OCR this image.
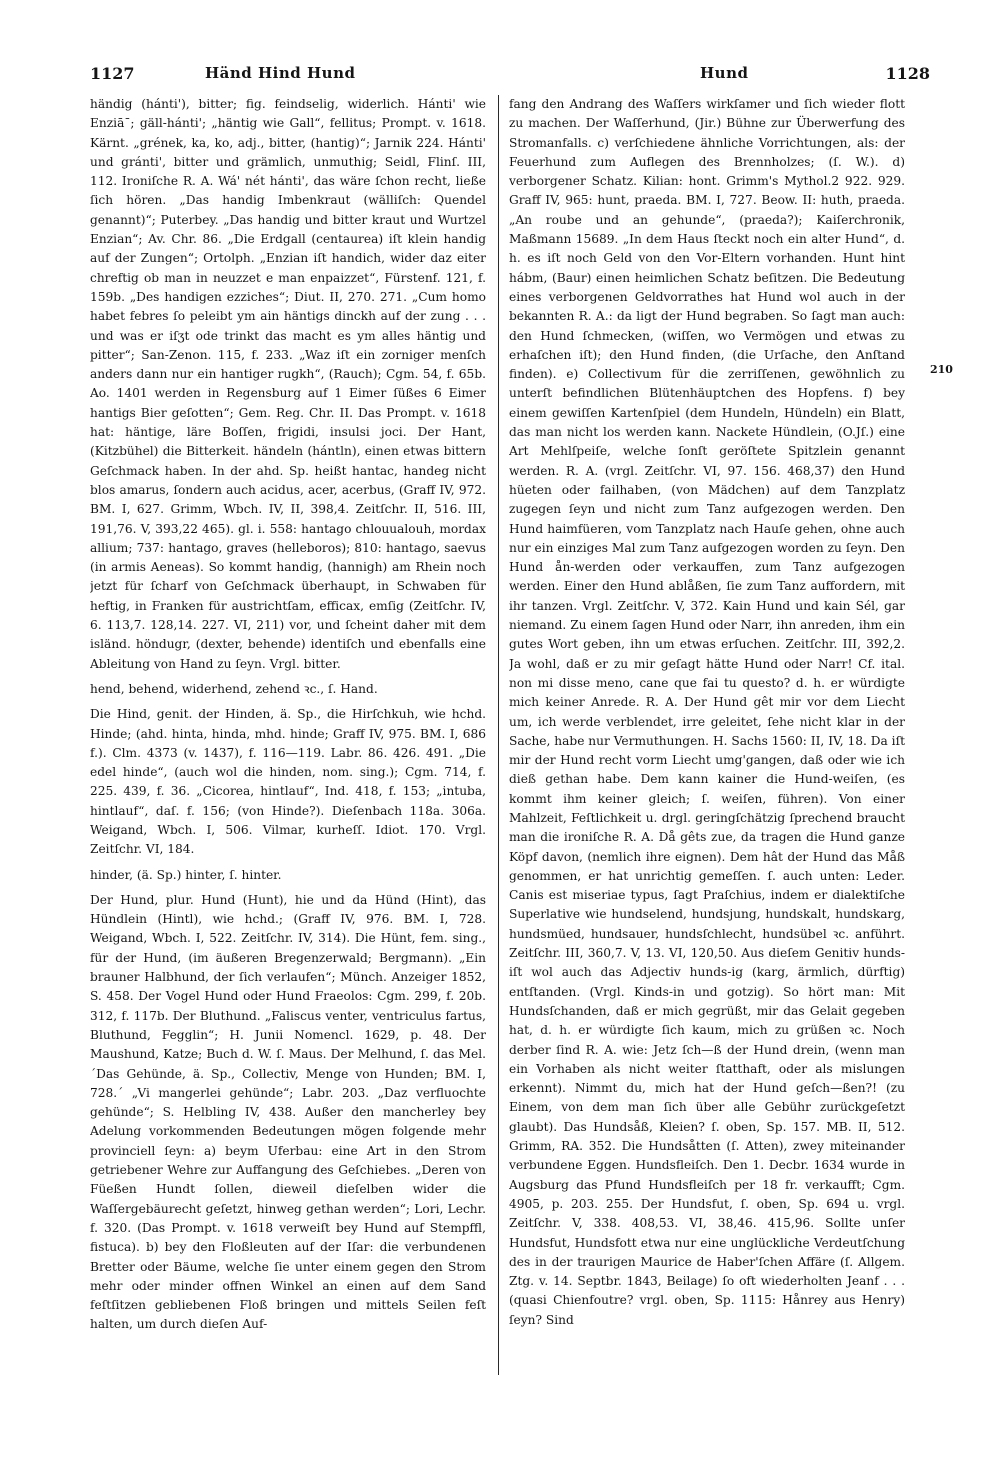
1127	Händ Hind Hund	Hund	1128

händig (hánti'), bitter; fig. feindselig, widerlich. Hánti' wie Enziā¯; gäll-hánti'; „häntig wie Gall“, fellitus; Prompt. v. 1618. Kärnt. „grének, ka, ko, adj., bitter, (hantig)“; Jarnik 224. Hánti' und gránti', bitter und grämlich, unmuthig; Seidl, Flinſ. III, 112. Ironiſche R. A. Wá' nét hánti', das wäre ſchon recht, ließe ſich hören. „Das handig Imbenkraut (wälliſch: Quendel genannt)“; Puterbey. „Das handig und bitter kraut und Wurtzel Enzian“; Av. Chr. 86. „Die Erdgall (centaurea) iſt klein handig auf der Zungen“; Ortolph. „Enzian iſt handich, wider daz eiter chreftig ob man in neuzzet e man enpaizzet“, Fürstenf. 121, f. 159b. „Des handigen ezziches“; Diut. II, 270. 271. „Cum homo habet febres ſo peleibt ym ain häntigs dinckh auf der zung . . . und was er iſʒt ode trinkt das macht es ym alles häntig und pitter“; San-Zenon. 115, f. 233. „Waz iſt ein zorniger menſch anders dann nur ein hantiger rugkh“, (Rauch); Cgm. 54, f. 65b. Ao. 1401 werden in Regensburg auf 1 Eimer ſüßes 6 Eimer hantigs Bier geſotten“; Gem. Reg. Chr. II. Das Prompt. v. 1618 hat: häntige, läre Boſſen, frigidi, insulsi joci. Der Hant, (Kitzbühel) die Bitterkeit. händeln (hántln), einen etwas bittern Geſchmack haben. In der ahd. Sp. heißt hantac, handeg nicht blos amarus, ſondern auch acidus, acer, acerbus, (Graff IV, 972. BM. I, 627. Grimm, Wbch. IV, II, 398,4. Zeitſchr. II, 516. III, 191,76. V, 393,22 465). gl. i. 558: hantago chlouualouh, mordax allium; 737: hantago, graves (helleboros); 810: hantago, saevus (in armis Aeneas). So kommt handig, (hannigh) am Rhein noch jetzt für ſcharf von Geſchmack überhaupt, in Schwaben für heftig, in Franken für austrichtſam, efficax, emſig (Zeitſchr. IV, 6. 113,7. 128,14. 227. VI, 211) vor, und ſcheint daher mit dem isländ. höndugr, (dexter, behende) identiſch und ebenfalls eine Ableitung von Hand zu ſeyn. Vrgl. bitter.

hend, behend, widerhend, zehend ꝛc., ſ. Hand.

Die Hind, genit. der Hinden, ä. Sp., die Hirſchkuh, wie hchd. Hinde; (ahd. hinta, hinda, mhd. hinde; Graff IV, 975. BM. I, 686 f.). Clm. 4373 (v. 1437), f. 116—119. Labr. 86. 426. 491. „Die edel hinde“, (auch wol die hinden, nom. sing.); Cgm. 714, f. 225. 439, f. 36. „Cicorea, hintlauf“, Ind. 418, f. 153; „intuba, hintlauf“, daſ. f. 156; (von Hinde?). Dieſenbach 118a. 306a. Weigand, Wbch. I, 506. Vilmar, kurheſſ. Idiot. 170. Vrgl. Zeitſchr. VI, 184.

hinder, (ä. Sp.) hinter, ſ. hinter.

Der Hund, plur. Hund (Hunt), hie und da Hünd (Hint), das Hündlein (Hintl), wie hchd.; (Graff IV, 976. BM. I, 728. Weigand, Wbch. I, 522. Zeitſchr. IV, 314). Die Hünt, fem. sing., für der Hund, (im äußeren Bregenzerwald; Bergmann). „Ein brauner Halbhund, der ſich verlaufen“; Münch. Anzeiger 1852, S. 458. Der Vogel Hund oder Hund Fraeolos: Cgm. 299, f. 20b. 312, f. 117b. Der Bluthund. „Faliscus venter, ventriculus fartus, Bluthund, Fegglin“; H. Junii Nomencl. 1629, p. 48. Der Maushund, Katze; Buch d. W. ſ. Maus. Der Melhund, ſ. das Mel. ´Das Gehünde, ä. Sp., Collectiv, Menge von Hunden; BM. I, 728.´ „Vi mangerlei gehünde“; Labr. 203. „Daz verfluochte gehünde“; S. Helbling IV, 438. Außer den mancherley bey Adelung vorkommenden Bedeutungen mögen folgende mehr provinciell ſeyn: a) beym Uferbau: eine Art in den Strom getriebener Wehre zur Auffangung des Geſchiebes. „Deren von Füeßen Hundt ſollen, dieweil dieſelben wider die Waſſergebäurecht geſetzt, hinweg gethan werden“; Lori, Lechr. f. 320. (Das Prompt. v. 1618 verweiſt bey Hund auf Stempffl, fistuca). b) bey den Floßleuten auf der Iſar: die verbundenen Bretter oder Bäume, welche ſie unter einem gegen den Strom mehr oder minder offnen Winkel an einen auf dem Sand feſtſitzen gebliebenen Floß bringen und mittels Seilen feſt halten, um durch dieſen Auf-

fang den Andrang des Waſſers wirkſamer und ſich wieder flott zu machen. Der Waſſerhund, (Jir.) Bühne zur Überwerfung des Stromanfalls. c) verſchiedene ähnliche Vorrichtungen, als: der Feuerhund zum Auflegen des Brennholzes; (ſ. W.). d) verborgener Schatz. Kilian: hont. Grimm's Mythol.2 922. 929. Graff IV, 965: hunt, praeda. BM. I, 727. Beow. II: huth, praeda. „An roube und an gehunde“, (praeda?); Kaiſerchronik, Maßmann 15689. „In dem Haus ſteckt noch ein alter Hund“, d. h. es iſt noch Geld von den Vor-Eltern vorhanden. Hunt hint hábm, (Baur) einen heimlichen Schatz beſitzen. Die Bedeutung eines verborgenen Geldvorrathes hat Hund wol auch in der bekannten R. A.: da ligt der Hund begraben. So ſagt man auch: den Hund ſchmecken, (wiſſen, wo Vermögen und etwas zu erhaſchen iſt); den Hund finden, (die Urſache, den Anſtand finden). e) Collectivum für die zerriſſenen, gewöhnlich zu unterſt befindlichen Blütenhäuptchen des Hopfens. f) bey einem gewiſſen Kartenſpiel (dem Hundeln, Hündeln) ein Blatt, das man nicht los werden kann. Nackete Hündlein, (O.Jſ.) eine Art Mehlſpeiſe, welche ſonſt geröſtete Spitzlein genannt werden. R. A. (vrgl. Zeitſchr. VI, 97. 156. 468,37) den Hund hüeten oder failhaben, (von Mädchen) auf dem Tanzplatz zugegen ſeyn und nicht zum Tanz aufgezogen werden. Den Hund haimfüeren, vom Tanzplatz nach Hauſe gehen, ohne auch nur ein einziges Mal zum Tanz aufgezogen worden zu ſeyn. Den Hund ån-werden oder verkauffen, zum Tanz aufgezogen werden. Einer den Hund ablåßen, ſie zum Tanz auffordern, mit ihr tanzen. Vrgl. Zeitſchr. V, 372. Kain Hund und kain Sél, gar niemand. Zu einem ſagen Hund oder Narr, ihn anreden, ihm ein gutes Wort geben, ihn um etwas erſuchen. Zeitſchr. III, 392,2. Ja wohl, daß er zu mir geſagt hätte Hund oder Narr! Cf. ital. non mi disse meno, cane que fai tu questo? d. h. er würdigte mich keiner Anrede. R. A. Der Hund gêt mir vor dem Liecht um, ich werde verblendet, irre geleitet, ſehe nicht klar in der Sache, habe nur Vermuthungen. H. Sachs 1560: II, IV, 18. Da iſt mir der Hund recht vorm Liecht umg'gangen, daß oder wie ich dieß gethan habe. Dem kann kainer die Hund-weiſen, (es kommt ihm keiner gleich; ſ. weiſen, führen). Von einer Mahlzeit, Feſtlichkeit u. drgl. geringſchätzig ſprechend braucht man die ironiſche R. A. Då gêts zue, da tragen die Hund ganze Köpf davon, (nemlich ihre eignen). Dem hât der Hund das Måß genommen, er hat unrichtig gemeſſen. ſ. auch unten: Leder. Canis est miseriae typus, ſagt Praſchius, indem er dialektiſche Superlative wie hundselend, hundsjung, hundskalt, hundskarg, hundsmüed, hundsauer, hundsſchlecht, hundsübel ꝛc. anführt. Zeitſchr. III, 360,7. V, 13. VI, 120,50. Aus dieſem Genitiv hunds- iſt wol auch das Adjectiv hunds-ig (karg, ärmlich, dürftig) entſtanden. (Vrgl. Kinds-in und gotzig). So hört man: Mit Hundsſchanden, daß er mich gegrüßt, mir das Gelait gegeben hat, d. h. er würdigte ſich kaum, mich zu grüßen ꝛc. Noch derber ſind R. A. wie: Jetz ſch—ß der Hund drein, (wenn man ein Vorhaben als nicht weiter ſtatthaft, oder als mislungen erkennt). Nimmt du, mich hat der Hund geſch—ßen?! (zu Einem, von dem man ſich über alle Gebühr zurückgeſetzt glaubt). Das Hundsåß, Kleien? ſ. oben, Sp. 157. MB. II, 512. Grimm, RA. 352. Die Hundsåtten (ſ. Atten), zwey miteinander verbundene Eggen. Hundsfleiſch. Den 1. Decbr. 1634 wurde in Augsburg das Pfund Hundsfleiſch per 18 fr. verkaufft; Cgm. 4905, p. 203. 255. Der Hundsfut, ſ. oben, Sp. 694 u. vrgl. Zeitſchr. V, 338. 408,53. VI, 38,46. 415,96. Sollte unſer Hundsfut, Hundsfott etwa nur eine unglückliche Verdeutſchung des in der traurigen Maurice de Haber'ſchen Affäre (ſ. Allgem. Ztg. v. 14. Septbr. 1843, Beilage) ſo oft wiederholten Jeanf . . . (quasi Chienfoutre? vrgl. oben, Sp. 1115: Hånrey aus Henry) ſeyn? Sind

210
